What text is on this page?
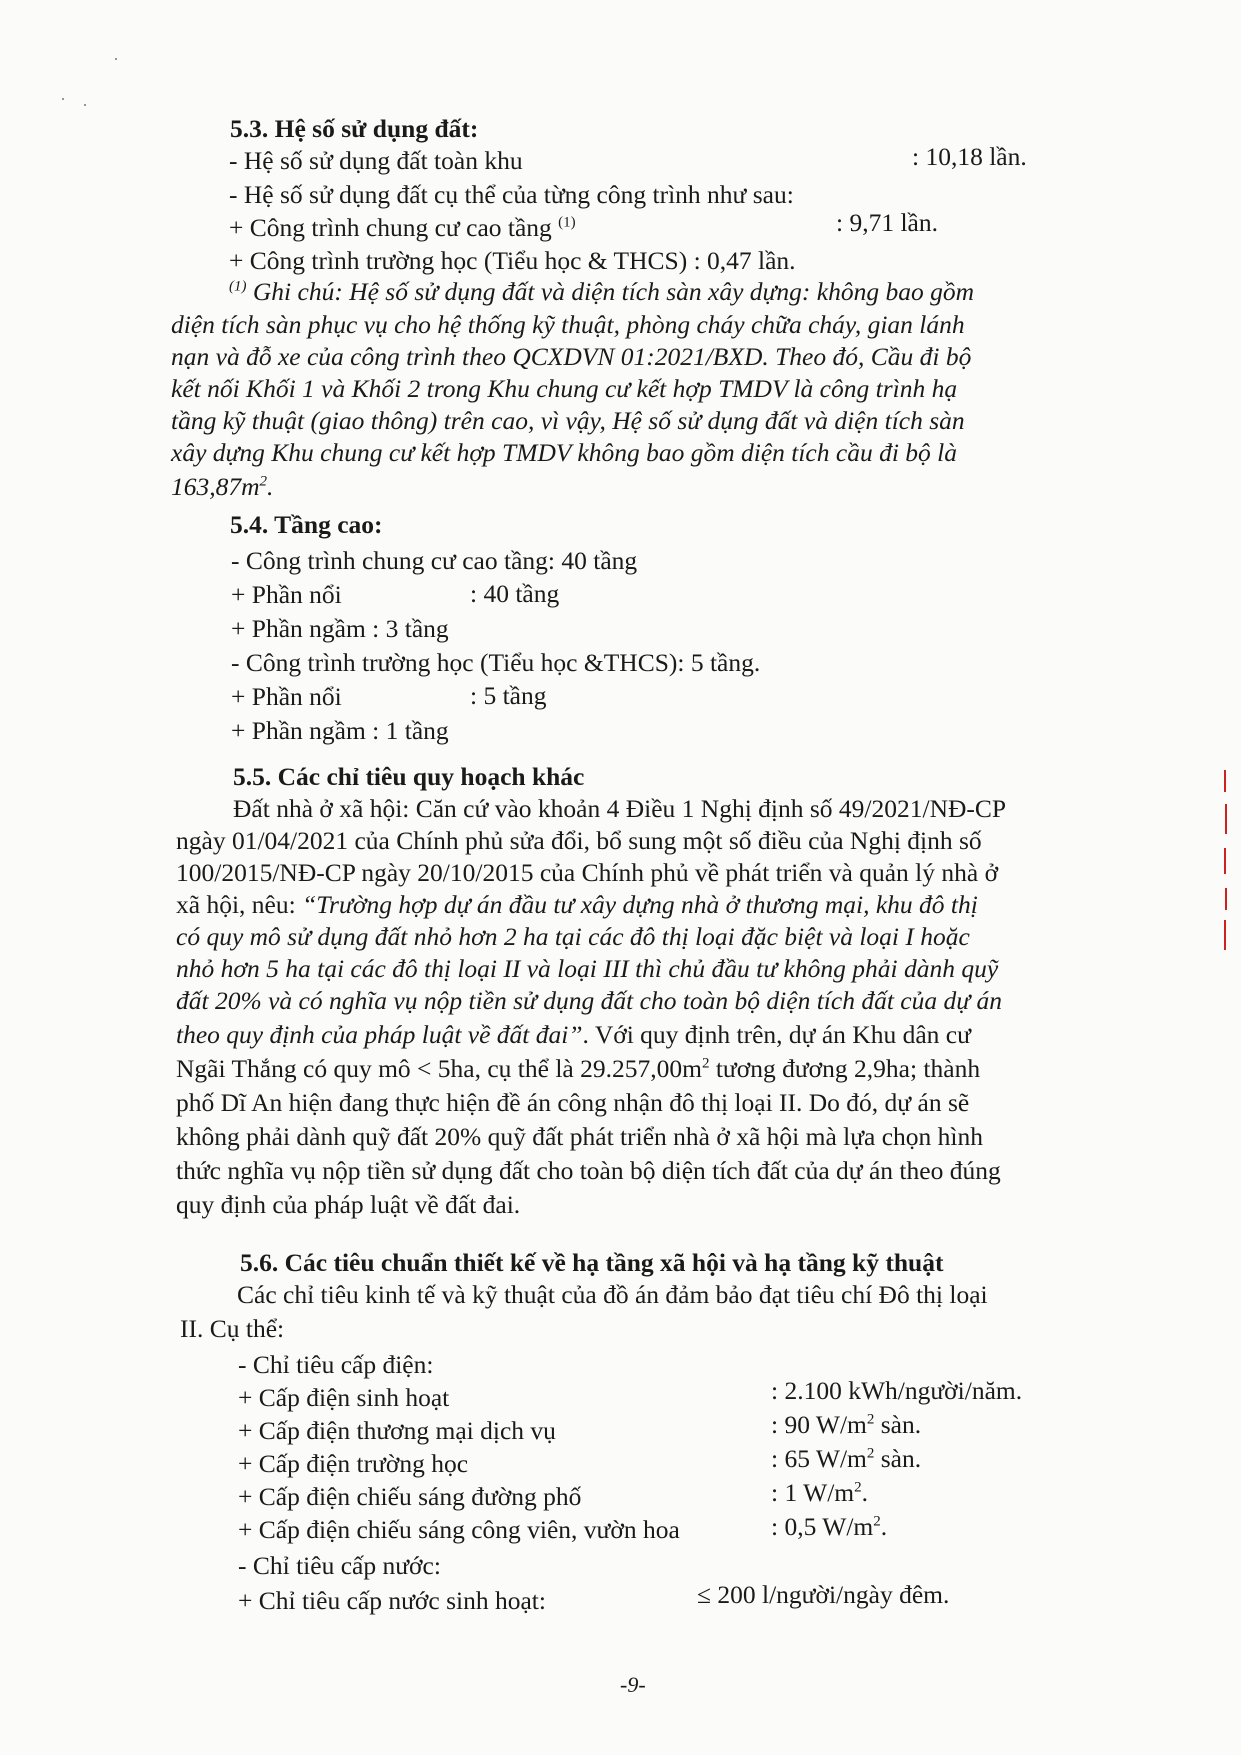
5.3. Hệ số sử dụng đất:
- Hệ số sử dụng đất toàn khu	: 10,18 lần.
- Hệ số sử dụng đất cụ thể của từng công trình như sau:
+ Công trình chung cư cao tầng $^{(1)}$	: 9,71 lần.
+ Công trình trường học (Tiểu học & THCS) : 0,47 lần.
$^{(1)}$ Ghi chú: Hệ số sử dụng đất và diện tích sàn xây dựng: không bao gồm
diện tích sàn phục vụ cho hệ thống kỹ thuật, phòng cháy chữa cháy, gian lánh
nạn và đỗ xe của công trình theo QCXDVN 01:2021/BXD. Theo đó, Cầu đi bộ
kết nối Khối 1 và Khối 2 trong Khu chung cư kết hợp TMDV là công trình hạ
tầng kỹ thuật (giao thông) trên cao, vì vậy, Hệ số sử dụng đất và diện tích sàn
xây dựng Khu chung cư kết hợp TMDV không bao gồm diện tích cầu đi bộ là
$163,87m^2$.
5.4. Tầng cao:
- Công trình chung cư cao tầng: 40 tầng
+ Phần nổi	: 40 tầng
+ Phần ngầm : 3 tầng
- Công trình trường học (Tiểu học &THCS): 5 tầng.
+ Phần nổi	: 5 tầng
+ Phần ngầm : 1 tầng
5.5. Các chỉ tiêu quy hoạch khác
Đất nhà ở xã hội: Căn cứ vào khoản 4 Điều 1 Nghị định số 49/2021/NĐ-CP
ngày 01/04/2021 của Chính phủ sửa đổi, bổ sung một số điều của Nghị định số
100/2015/NĐ-CP ngày 20/10/2015 của Chính phủ về phát triển và quản lý nhà ở
xã hội, nêu: “Trường hợp dự án đầu tư xây dựng nhà ở thương mại, khu đô thị
có quy mô sử dụng đất nhỏ hơn 2 ha tại các đô thị loại đặc biệt và loại I hoặc
nhỏ hơn 5 ha tại các đô thị loại II và loại III thì chủ đầu tư không phải dành quỹ
đất 20% và có nghĩa vụ nộp tiền sử dụng đất cho toàn bộ diện tích đất của dự án
theo quy định của pháp luật về đất đai”. Với quy định trên, dự án Khu dân cư
Ngãi Thắng có quy mô < 5ha, cụ thể là $29.257,00m^2$ tương đương 2,9ha; thành
phố Dĩ An hiện đang thực hiện đề án công nhận đô thị loại II. Do đó, dự án sẽ
không phải dành quỹ đất 20% quỹ đất phát triển nhà ở xã hội mà lựa chọn hình
thức nghĩa vụ nộp tiền sử dụng đất cho toàn bộ diện tích đất của dự án theo đúng
quy định của pháp luật về đất đai.
5.6. Các tiêu chuẩn thiết kế về hạ tầng xã hội và hạ tầng kỹ thuật
Các chỉ tiêu kinh tế và kỹ thuật của đồ án đảm bảo đạt tiêu chí Đô thị loại
II. Cụ thể:
- Chỉ tiêu cấp điện:
+ Cấp điện sinh hoạt	: 2.100 kWh/người/năm.
+ Cấp điện thương mại dịch vụ	: 90 $W/m^2$ sàn.
+ Cấp điện trường học	: 65 $W/m^2$ sàn.
+ Cấp điện chiếu sáng đường phố	: 1 $W/m^2$.
+ Cấp điện chiếu sáng công viên, vườn hoa	: 0,5 $W/m^2$.
- Chỉ tiêu cấp nước:
+ Chỉ tiêu cấp nước sinh hoạt:	≤ 200 l/người/ngày đêm.
-9-
